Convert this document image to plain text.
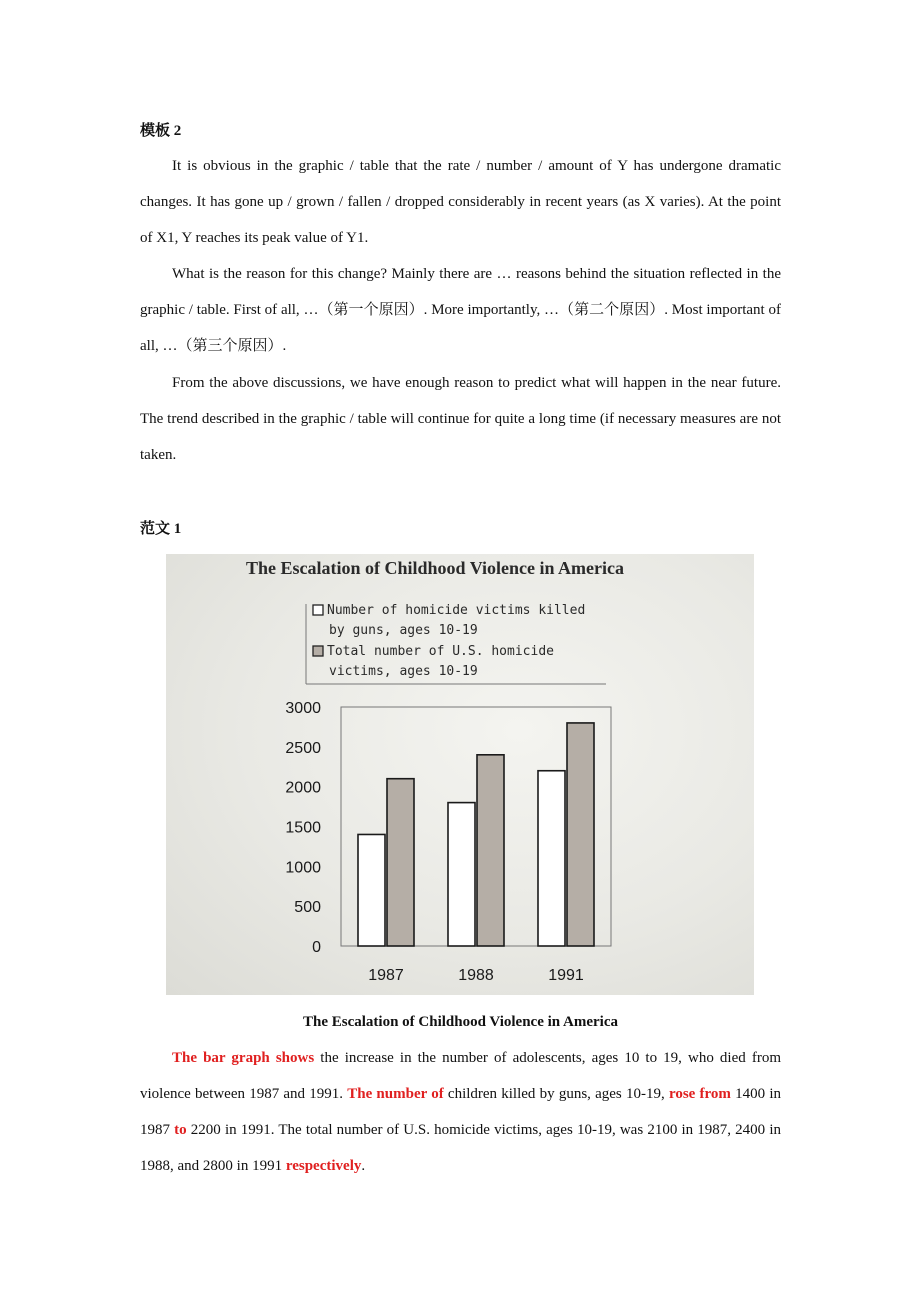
模板 2

It is obvious in the graphic / table that the rate / number / amount of Y has undergone dramatic changes. It has gone up / grown / fallen / dropped considerably in recent years (as X varies). At the point of X1, Y reaches its peak value of Y1.

What is the reason for this change? Mainly there are … reasons behind the situation reflected in the graphic / table. First of all, …（第一个原因）. More importantly, …（第二个原因）. Most important of all, …（第三个原因）.

From the above discussions, we have enough reason to predict what will happen in the near future. The trend described in the graphic / table will continue for quite a long time (if necessary measures are not taken.

范文 1
The Escalation of Childhood Violence in America
Number of homicide victims killed
by guns, ages 10-19
Total number of U.S. homicide
victims, ages 10-19
3000
2500
2000
1500
1000
500
0
1987	1988	1991
The Escalation of Childhood Violence in America

The bar graph shows the increase in the number of adolescents, ages 10 to 19, who died from violence between 1987 and 1991. The number of children killed by guns, ages 10-19, rose from 1400 in 1987 to 2200 in 1991. The total number of U.S. homicide victims, ages 10-19, was 2100 in 1987, 2400 in 1988, and 2800 in 1991 respectively.
